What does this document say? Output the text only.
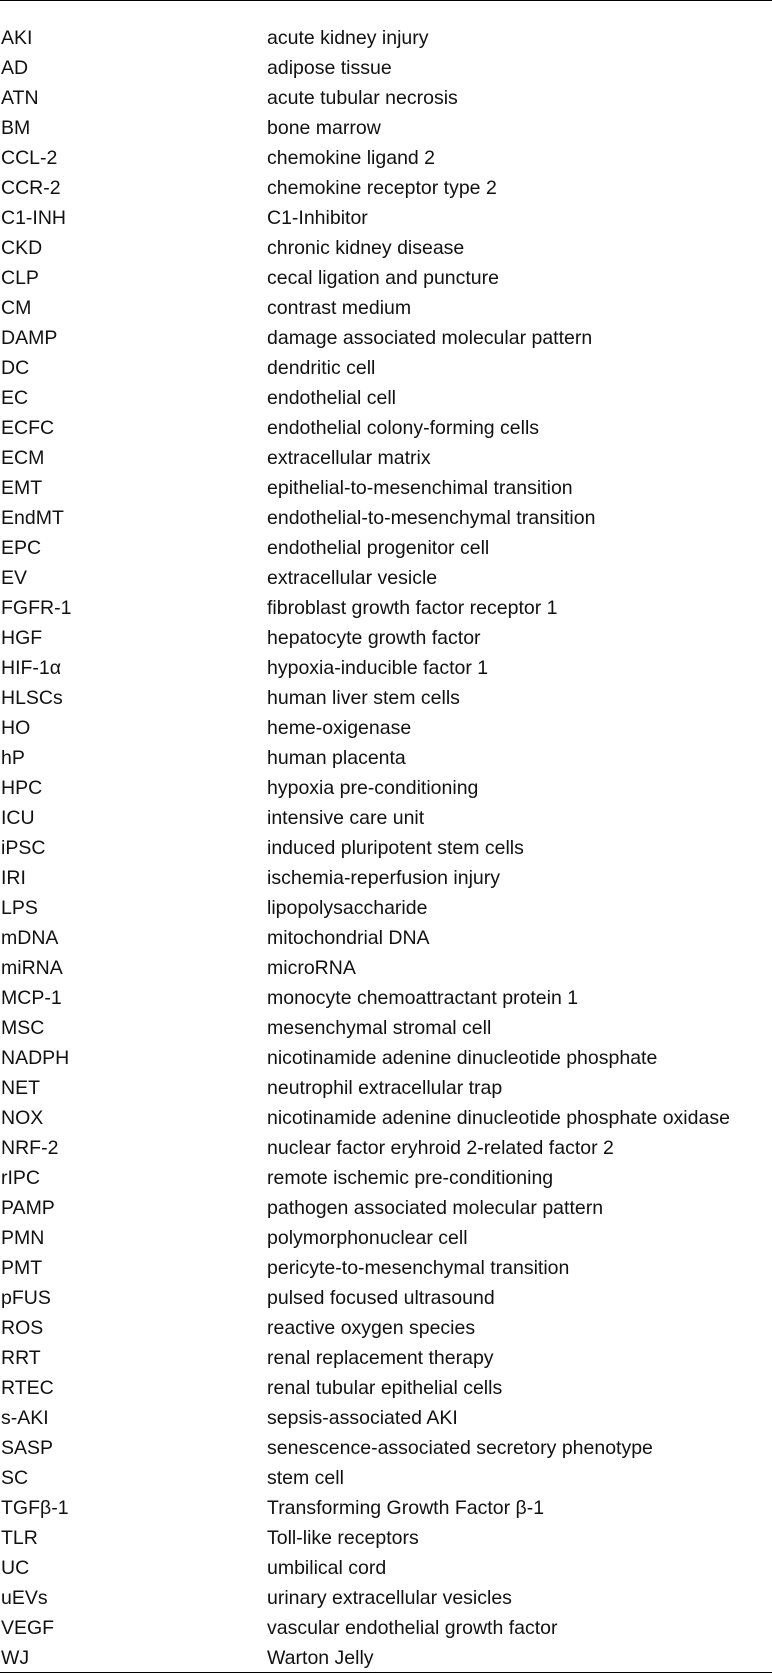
AKI	acute kidney injury
AD	adipose tissue
ATN	acute tubular necrosis
BM	bone marrow
CCL-2	chemokine ligand 2
CCR-2	chemokine receptor type 2
C1-INH	C1-Inhibitor
CKD	chronic kidney disease
CLP	cecal ligation and puncture
CM	contrast medium
DAMP	damage associated molecular pattern
DC	dendritic cell
EC	endothelial cell
ECFC	endothelial colony-forming cells
ECM	extracellular matrix
EMT	epithelial-to-mesenchimal transition
EndMT	endothelial-to-mesenchymal transition
EPC	endothelial progenitor cell
EV	extracellular vesicle
FGFR-1	fibroblast growth factor receptor 1
HGF	hepatocyte growth factor
HIF-1α	hypoxia-inducible factor 1
HLSCs	human liver stem cells
HO	heme-oxigenase
hP	human placenta
HPC	hypoxia pre-conditioning
ICU	intensive care unit
iPSC	induced pluripotent stem cells
IRI	ischemia-reperfusion injury
LPS	lipopolysaccharide
mDNA	mitochondrial DNA
miRNA	microRNA
MCP-1	monocyte chemoattractant protein 1
MSC	mesenchymal stromal cell
NADPH	nicotinamide adenine dinucleotide phosphate
NET	neutrophil extracellular trap
NOX	nicotinamide adenine dinucleotide phosphate oxidase
NRF-2	nuclear factor eryhroid 2-related factor 2
rIPC	remote ischemic pre-conditioning
PAMP	pathogen associated molecular pattern
PMN	polymorphonuclear cell
PMT	pericyte-to-mesenchymal transition
pFUS	pulsed focused ultrasound
ROS	reactive oxygen species
RRT	renal replacement therapy
RTEC	renal tubular epithelial cells
s-AKI	sepsis-associated AKI
SASP	senescence-associated secretory phenotype
SC	stem cell
TGFβ-1	Transforming Growth Factor β-1
TLR	Toll-like receptors
UC	umbilical cord
uEVs	urinary extracellular vesicles
VEGF	vascular endothelial growth factor
WJ	Warton Jelly
